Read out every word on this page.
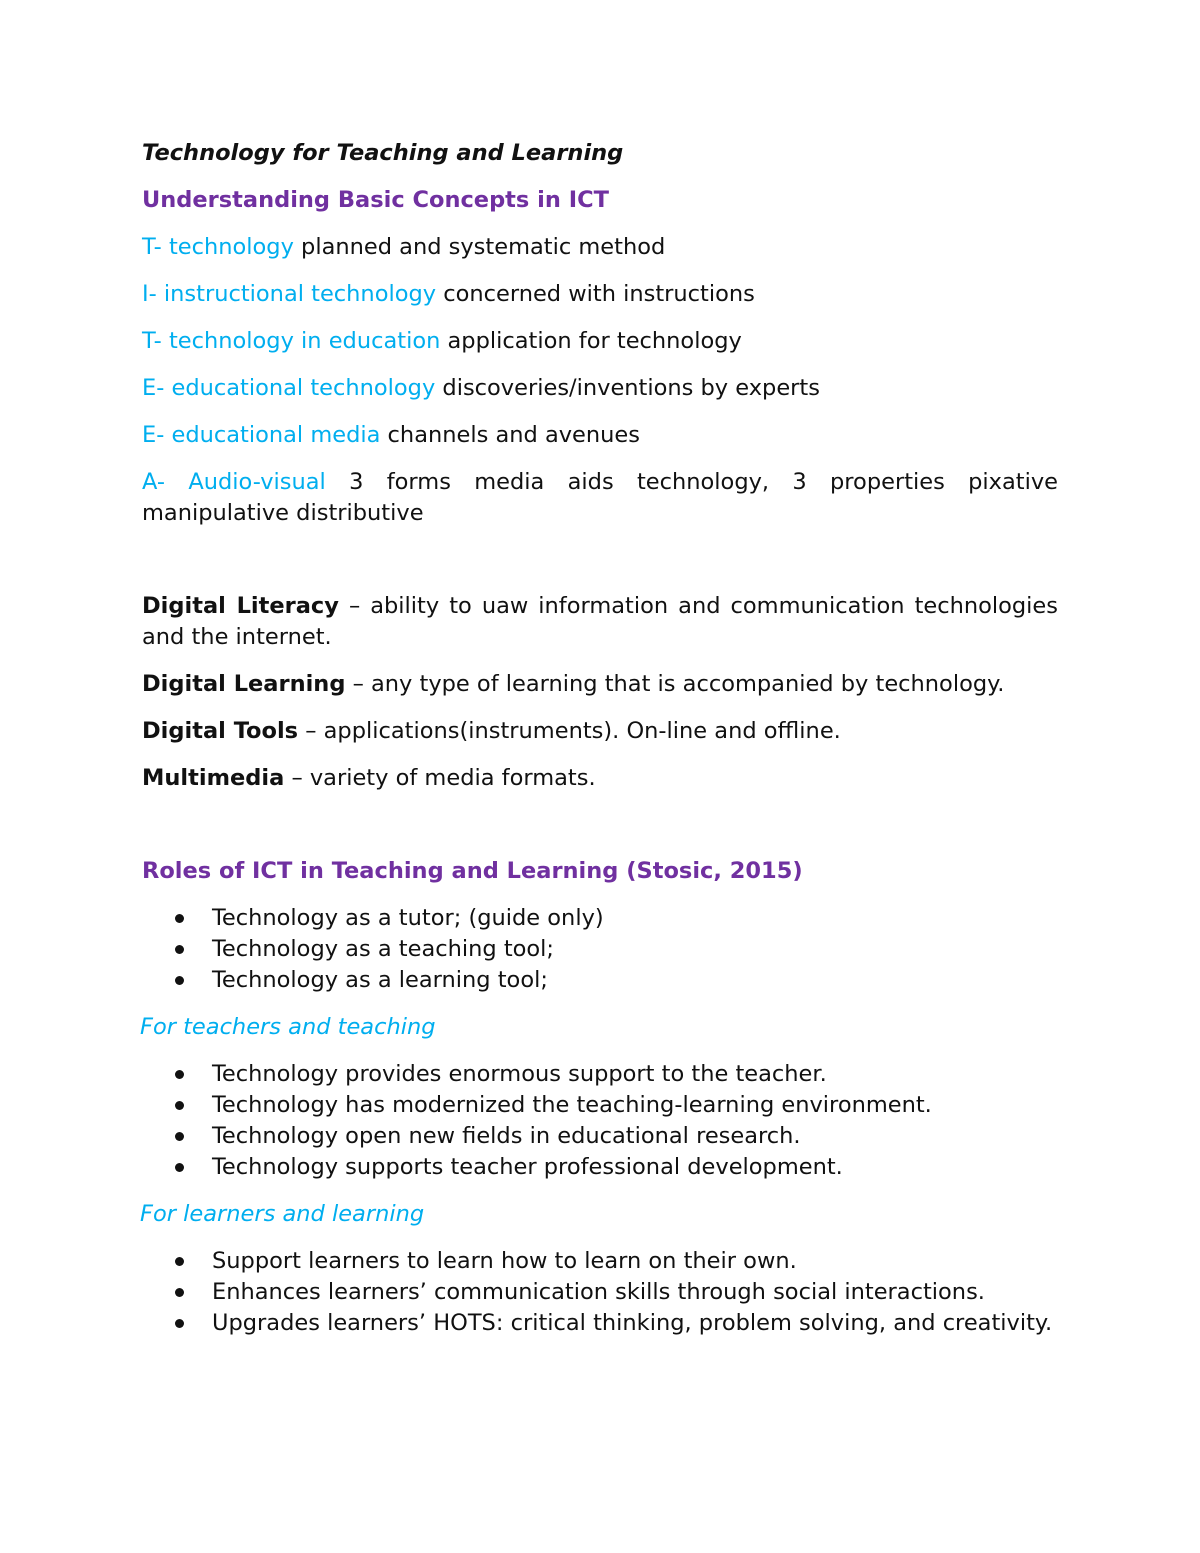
Technology for Teaching and Learning

Understanding Basic Concepts in ICT

T- technology planned and systematic method

I- instructional technology concerned with instructions

T- technology in education application for technology

E- educational technology discoveries/inventions by experts

E- educational media channels and avenues

A- Audio-visual 3 forms media aids technology, 3 properties pixative manipulative distributive

Digital Literacy – ability to uaw information and communication technologies and the internet.

Digital Learning – any type of learning that is accompanied by technology.

Digital Tools – applications(instruments). On-line and offline.

Multimedia – variety of media formats.

Roles of ICT in Teaching and Learning (Stosic, 2015)

Technology as a tutor; (guide only)
Technology as a teaching tool;
Technology as a learning tool;

For teachers and teaching

Technology provides enormous support to the teacher.
Technology has modernized the teaching-learning environment.
Technology open new fields in educational research.
Technology supports teacher professional development.

For learners and learning

Support learners to learn how to learn on their own.
Enhances learners’ communication skills through social interactions.
Upgrades learners’ HOTS: critical thinking, problem solving, and creativity.
